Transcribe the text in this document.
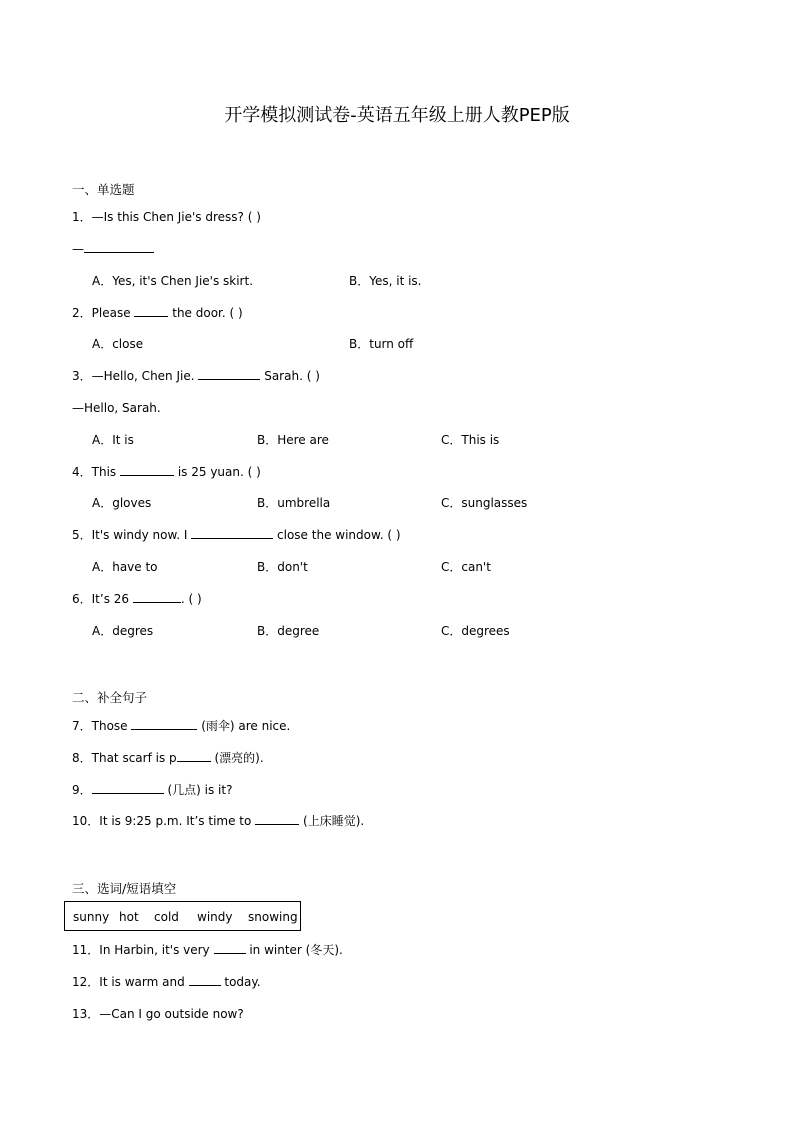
开学模拟测试卷-英语五年级上册人教PEP版
一、单选题
1．—Is this Chen Jie's dress? ( )
—
A．Yes, it's Chen Jie's skirt.	B．Yes, it is.
2．Please	the door. ( )
A．close	B．turn off
3．—Hello, Chen Jie.	Sarah. ( )
—Hello, Sarah.
A．It is	B．Here are	C．This is
4．This	is 25 yuan. ( )
A．gloves	B．umbrella	C．sunglasses
5．It's windy now. I	close the window. ( )
A．have to	B．don't	C．can't
6．It’s 26	. ( )
A．degres	B．degree	C．degrees
二、补全句子
7．Those	(雨伞) are nice.
8．That scarf is p	(漂亮的).
9．	(几点) is it?
10．It is 9:25 p.m. It’s time to	(上床睡觉).
三、选词/短语填空
sunny hot cold windy snowing
11．In Harbin, it's very	in winter (冬天).
12．It is warm and	today.
13．—Can I go outside now?
